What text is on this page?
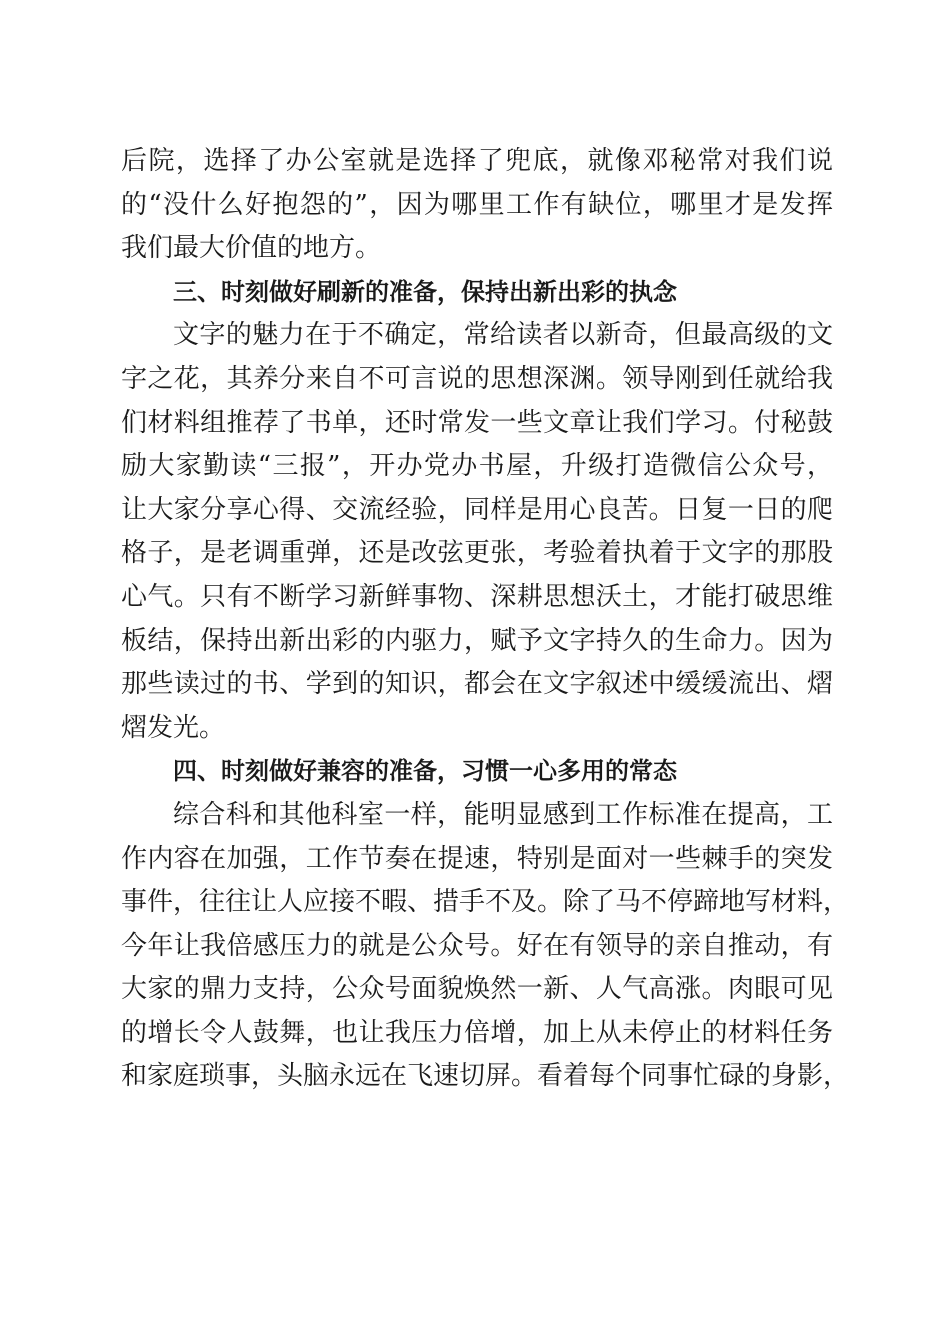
后院，选择了办公室就是选择了兜底，就像邓秘常对我们说
的“没什么好抱怨的”，因为哪里工作有缺位，哪里才是发挥
我们最大价值的地方。
三、时刻做好刷新的准备，保持出新出彩的执念
文字的魅力在于不确定，常给读者以新奇，但最高级的文
字之花，其养分来自不可言说的思想深渊。领导刚到任就给我
们材料组推荐了书单，还时常发一些文章让我们学习。付秘鼓
励大家勤读“三报”，开办党办书屋，升级打造微信公众号，
让大家分享心得、交流经验，同样是用心良苦。日复一日的爬
格子，是老调重弹，还是改弦更张，考验着执着于文字的那股
心气。只有不断学习新鲜事物、深耕思想沃土，才能打破思维
板结，保持出新出彩的内驱力，赋予文字持久的生命力。因为
那些读过的书、学到的知识，都会在文字叙述中缓缓流出、熠
熠发光。
四、时刻做好兼容的准备，习惯一心多用的常态
综合科和其他科室一样，能明显感到工作标准在提高，工
作内容在加强，工作节奏在提速，特别是面对一些棘手的突发
事件，往往让人应接不暇、措手不及。除了马不停蹄地写材料，
今年让我倍感压力的就是公众号。好在有领导的亲自推动，有
大家的鼎力支持，公众号面貌焕然一新、人气高涨。肉眼可见
的增长令人鼓舞，也让我压力倍增，加上从未停止的材料任务
和家庭琐事，头脑永远在飞速切屏。看着每个同事忙碌的身影，
